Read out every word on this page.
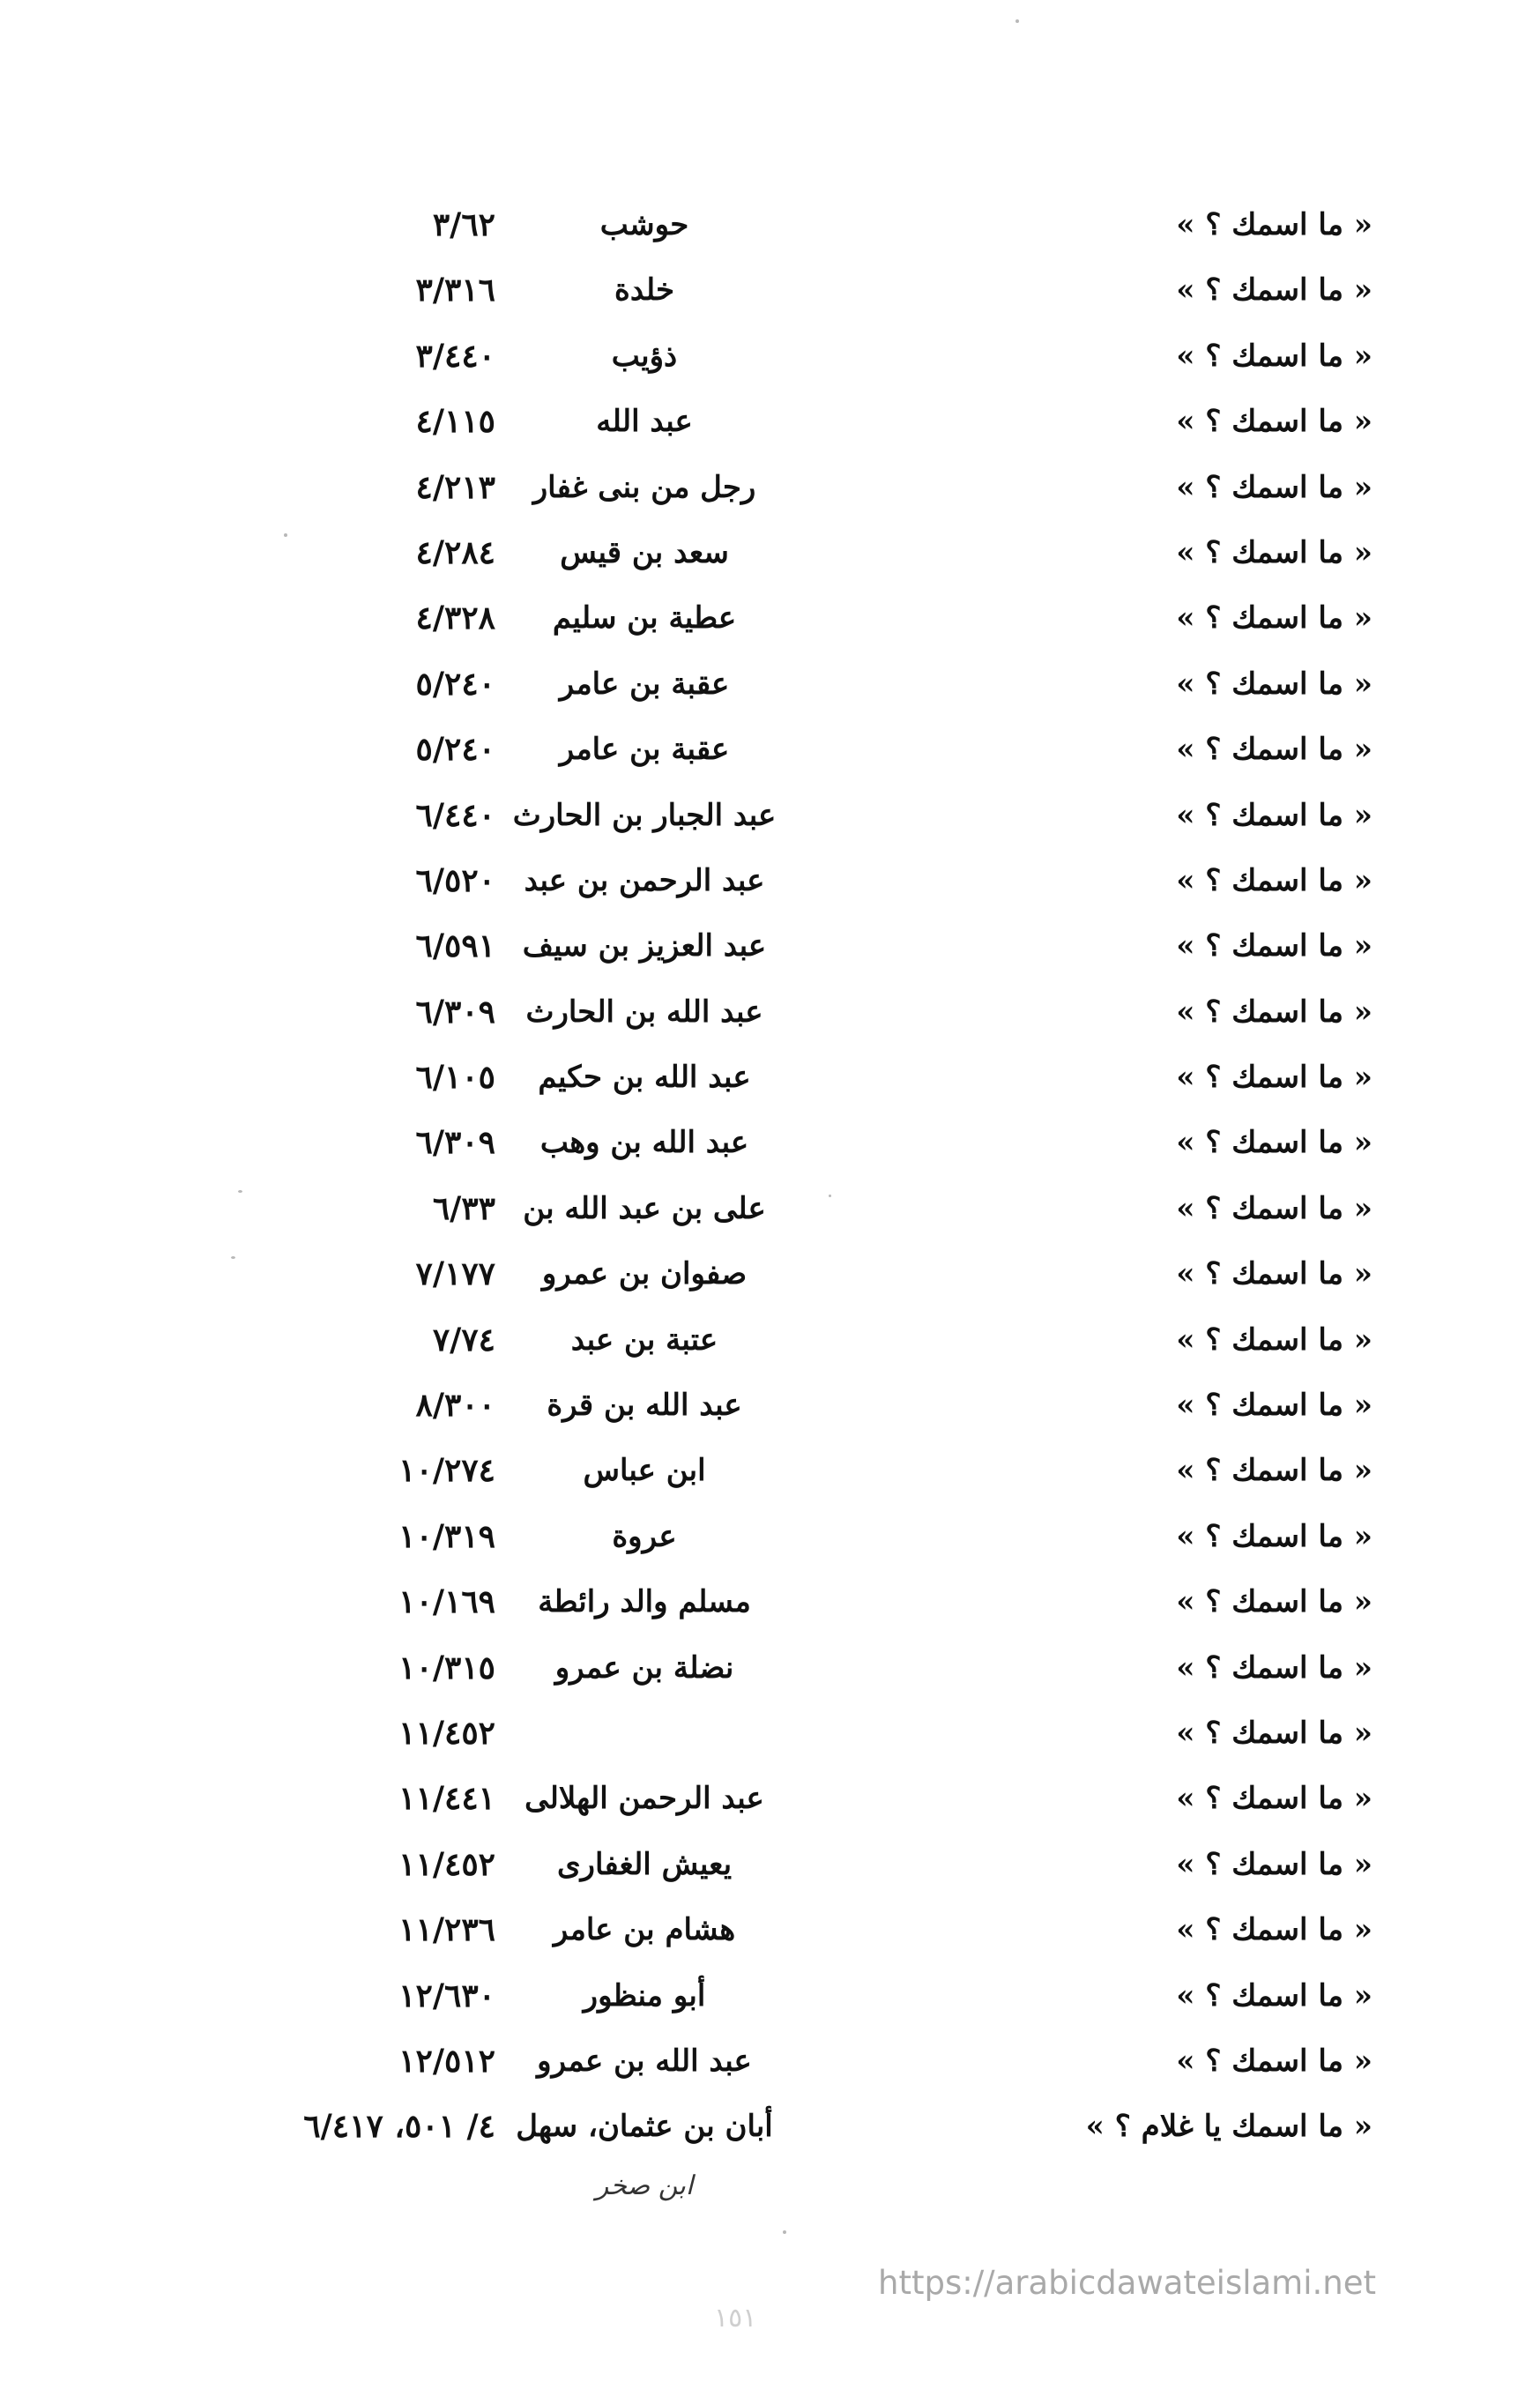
« ما اسمك ؟ »
حوشب
٣/٦٢
« ما اسمك ؟ »
خلدة
٣/٣١٦
« ما اسمك ؟ »
ذؤيب
٣/٤٤٠
« ما اسمك ؟ »
عبد الله
٤/١١٥
« ما اسمك ؟ »
رجل من بنى غفار
٤/٢١٣
« ما اسمك ؟ »
سعد بن قيس
٤/٢٨٤
« ما اسمك ؟ »
عطية بن سليم
٤/٣٢٨
« ما اسمك ؟ »
عقبة بن عامر
٥/٢٤٠
« ما اسمك ؟ »
عقبة بن عامر
٥/٢٤٠
« ما اسمك ؟ »
عبد الجبار بن الحارث
٦/٤٤٠
« ما اسمك ؟ »
عبد الرحمن بن عبد
٦/٥٢٠
« ما اسمك ؟ »
عبد العزيز بن سيف
٦/٥٩١
« ما اسمك ؟ »
عبد الله بن الحارث
٦/٣٠٩
« ما اسمك ؟ »
عبد الله بن حكيم
٦/١٠٥
« ما اسمك ؟ »
عبد الله بن وهب
٦/٣٠٩
« ما اسمك ؟ »
على بن عبد الله بن
٦/٣٣
« ما اسمك ؟ »
صفوان بن عمرو
٧/١٧٧
« ما اسمك ؟ »
عتبة بن عبد
٧/٧٤
« ما اسمك ؟ »
عبد الله بن قرة
٨/٣٠٠
« ما اسمك ؟ »
ابن عباس
١٠/٢٧٤
« ما اسمك ؟ »
عروة
١٠/٣١٩
« ما اسمك ؟ »
مسلم والد رائطة
١٠/١٦٩
« ما اسمك ؟ »
نضلة بن عمرو
١٠/٣١٥
« ما اسمك ؟ »
١١/٤٥٢
« ما اسمك ؟ »
عبد الرحمن الهلالى
١١/٤٤١
« ما اسمك ؟ »
يعيش الغفارى
١١/٤٥٢
« ما اسمك ؟ »
هشام بن عامر
١١/٢٣٦
« ما اسمك ؟ »
أبو منظور
١٢/٦٣٠
« ما اسمك ؟ »
عبد الله بن عمرو
١٢/٥١٢
« ما اسمك يا غلام ؟ »
أبان بن عثمان، سهل
٤/ ٥٠١، ٦/٤١٧
ابن صخر
https://arabicdawateislami.net
١٥١
